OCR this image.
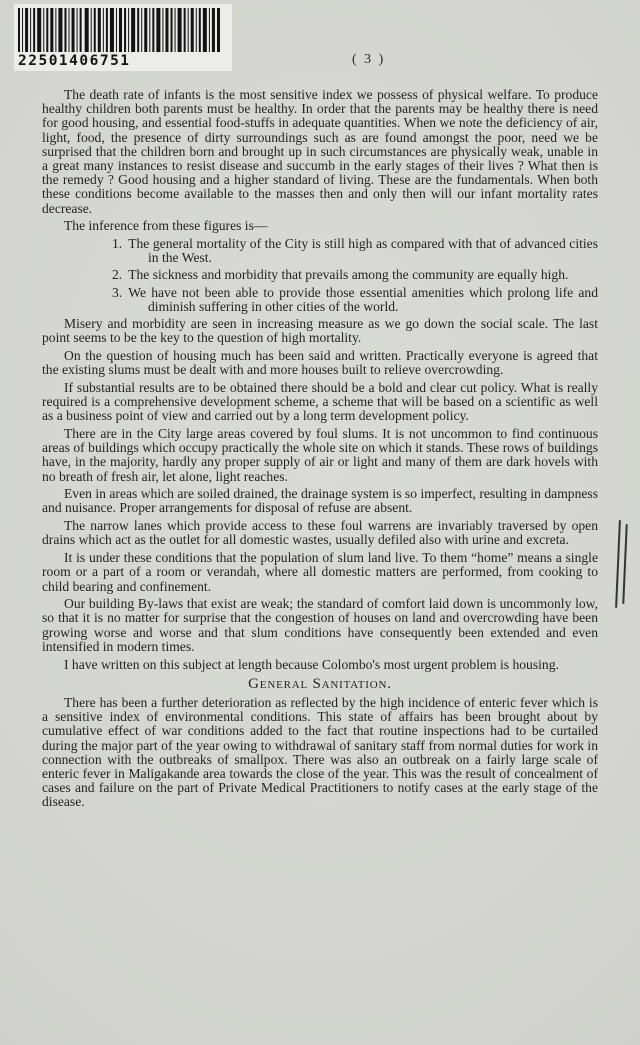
22501406751	( 3 )

The death rate of infants is the most sensitive index we possess of physical welfare. To produce healthy children both parents must be healthy. In order that the parents may be healthy there is need for good housing, and essential food-stuffs in adequate quantities. When we note the deficiency of air, light, food, the presence of dirty surroundings such as are found amongst the poor, need we be surprised that the children born and brought up in such circumstances are physically weak, unable in a great many instances to resist disease and succumb in the early stages of their lives ? What then is the remedy ? Good housing and a higher standard of living. These are the fundamentals. When both these conditions become available to the masses then and only then will our infant mortality rates decrease.

The inference from these figures is—

1. The general mortality of the City is still high as compared with that of advanced cities in the West.

2. The sickness and morbidity that prevails among the community are equally high.

3. We have not been able to provide those essential amenities which prolong life and diminish suffering in other cities of the world.

Misery and morbidity are seen in increasing measure as we go down the social scale. The last point seems to be the key to the question of high mortality.

On the question of housing much has been said and written. Practically everyone is agreed that the existing slums must be dealt with and more houses built to relieve overcrowding.

If substantial results are to be obtained there should be a bold and clear cut policy. What is really required is a comprehensive development scheme, a scheme that will be based on a scientific as well as a business point of view and carried out by a long term development policy.

There are in the City large areas covered by foul slums. It is not uncommon to find continuous areas of buildings which occupy practically the whole site on which it stands. These rows of buildings have, in the majority, hardly any proper supply of air or light and many of them are dark hovels with no breath of fresh air, let alone, light reaches.

Even in areas which are soiled drained, the drainage system is so imperfect, resulting in dampness and nuisance. Proper arrangements for disposal of refuse are absent.

The narrow lanes which provide access to these foul warrens are invariably traversed by open drains which act as the outlet for all domestic wastes, usually defiled also with urine and excreta.

It is under these conditions that the population of slum land live. To them “home” means a single room or a part of a room or verandah, where all domestic matters are performed, from cooking to child bearing and confinement.

Our building By-laws that exist are weak; the standard of comfort laid down is uncommonly low, so that it is no matter for surprise that the congestion of houses on land and overcrowding have been growing worse and worse and that slum conditions have consequently been extended and even intensified in modern times.

I have written on this subject at length because Colombo's most urgent problem is housing.

General Sanitation.

There has been a further deterioration as reflected by the high incidence of enteric fever which is a sensitive index of environmental conditions. This state of affairs has been brought about by cumulative effect of war conditions added to the fact that routine inspections had to be curtailed during the major part of the year owing to withdrawal of sanitary staff from normal duties for work in connection with the outbreaks of smallpox. There was also an outbreak on a fairly large scale of enteric fever in Maligakande area towards the close of the year. This was the result of concealment of cases and failure on the part of Private Medical Practitioners to notify cases at the early stage of the disease.
